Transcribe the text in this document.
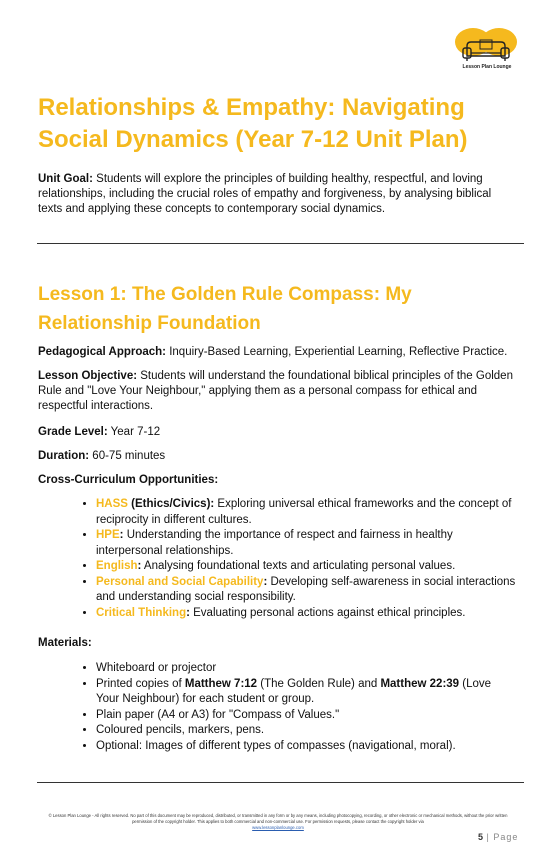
Lesson Plan Lounge
Relationships & Empathy: Navigating Social Dynamics (Year 7-12 Unit Plan)
Unit Goal: Students will explore the principles of building healthy, respectful, and loving relationships, including the crucial roles of empathy and forgiveness, by analysing biblical texts and applying these concepts to contemporary social dynamics.
Lesson 1: The Golden Rule Compass: My Relationship Foundation
Pedagogical Approach: Inquiry-Based Learning, Experiential Learning, Reflective Practice.
Lesson Objective: Students will understand the foundational biblical principles of the Golden Rule and "Love Your Neighbour," applying them as a personal compass for ethical and respectful interactions.
Grade Level: Year 7-12
Duration: 60-75 minutes
Cross-Curriculum Opportunities:
• HASS (Ethics/Civics): Exploring universal ethical frameworks and the concept of reciprocity in different cultures.
• HPE: Understanding the importance of respect and fairness in healthy interpersonal relationships.
• English: Analysing foundational texts and articulating personal values.
• Personal and Social Capability: Developing self-awareness in social interactions and understanding social responsibility.
• Critical Thinking: Evaluating personal actions against ethical principles.
Materials:
• Whiteboard or projector
• Printed copies of Matthew 7:12 (The Golden Rule) and Matthew 22:39 (Love Your Neighbour) for each student or group.
• Plain paper (A4 or A3) for "Compass of Values."
• Coloured pencils, markers, pens.
• Optional: Images of different types of compasses (navigational, moral).
© Lesson Plan Lounge - All rights reserved. No part of this document may be reproduced, distributed, or transmitted in any form or by any means, including photocopying, recording, or other electronic or mechanical methods, without the prior written permission of the copyright holder. This applies to both commercial and non-commercial use. For permission requests, please contact the copyright holder via
www.lessonplanlounge.com
5 | Page
